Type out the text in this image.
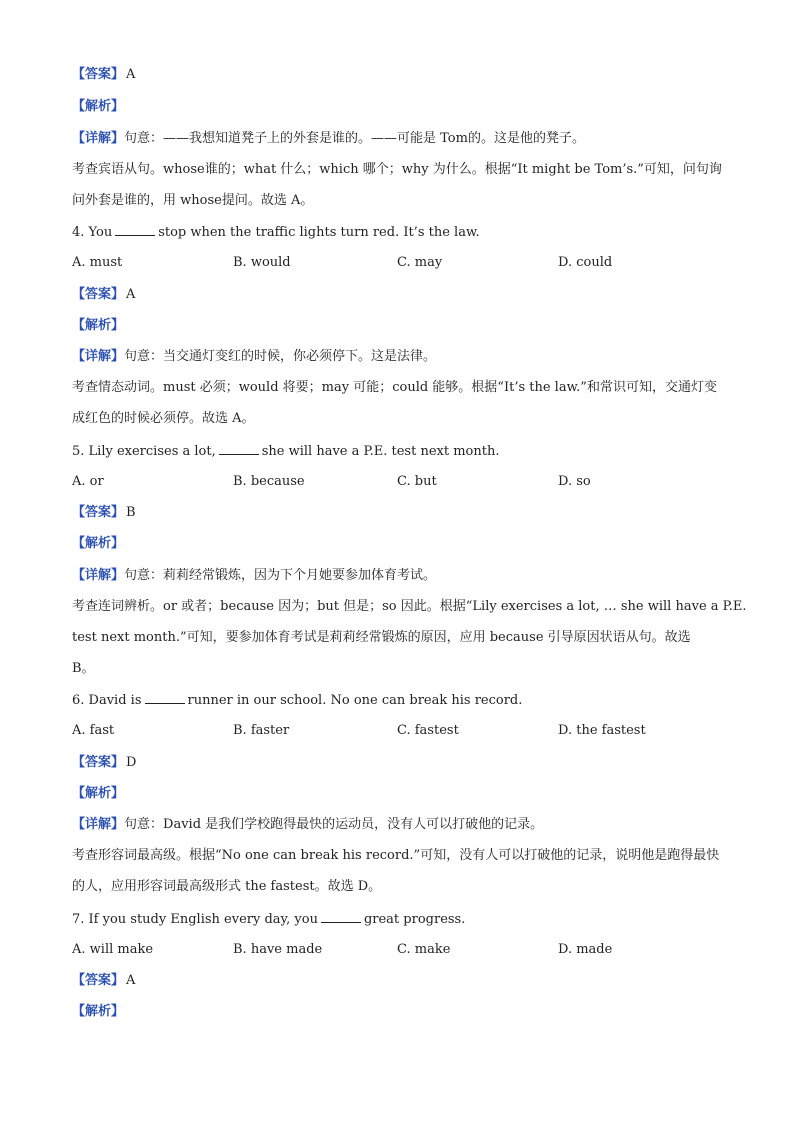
【答案】 A
【解析】
【详解】句意：——我想知道凳子上的外套是谁的。——可能是 Tom的。这是他的凳子。
考查宾语从句。whose谁的；what 什么；which 哪个；why 为什么。根据“It might be Tom’s.”可知，问句询
问外套是谁的，用 whose提问。故选 A。
4. You	stop when the traffic lights turn red. It’s the law.
A. must	B. would	C. may	D. could
【答案】 A
【解析】
【详解】句意：当交通灯变红的时候，你必须停下。这是法律。
考查情态动词。must 必须；would 将要；may 可能；could 能够。根据“It’s the law.”和常识可知，交通灯变
成红色的时候必须停。故选 A。
5. Lily exercises a lot,	she will have a P.E. test next month.
A. or	B. because	C. but	D. so
【答案】 B
【解析】
【详解】句意：莉莉经常锻炼，因为下个月她要参加体育考试。
考查连词辨析。or 或者；because 因为；but 但是；so 因此。根据“Lily exercises a lot, … she will have a P.E.
test next month.”可知，要参加体育考试是莉莉经常锻炼的原因，应用 because 引导原因状语从句。故选
B。
6. David is	runner in our school. No one can break his record.
A. fast	B. faster	C. fastest	D. the fastest
【答案】 D
【解析】
【详解】句意：David 是我们学校跑得最快的运动员，没有人可以打破他的记录。
考查形容词最高级。根据“No one can break his record.”可知，没有人可以打破他的记录，说明他是跑得最快
的人，应用形容词最高级形式 the fastest。故选 D。
7. If you study English every day, you	great progress.
A. will make	B. have made	C. make	D. made
【答案】 A
【解析】
